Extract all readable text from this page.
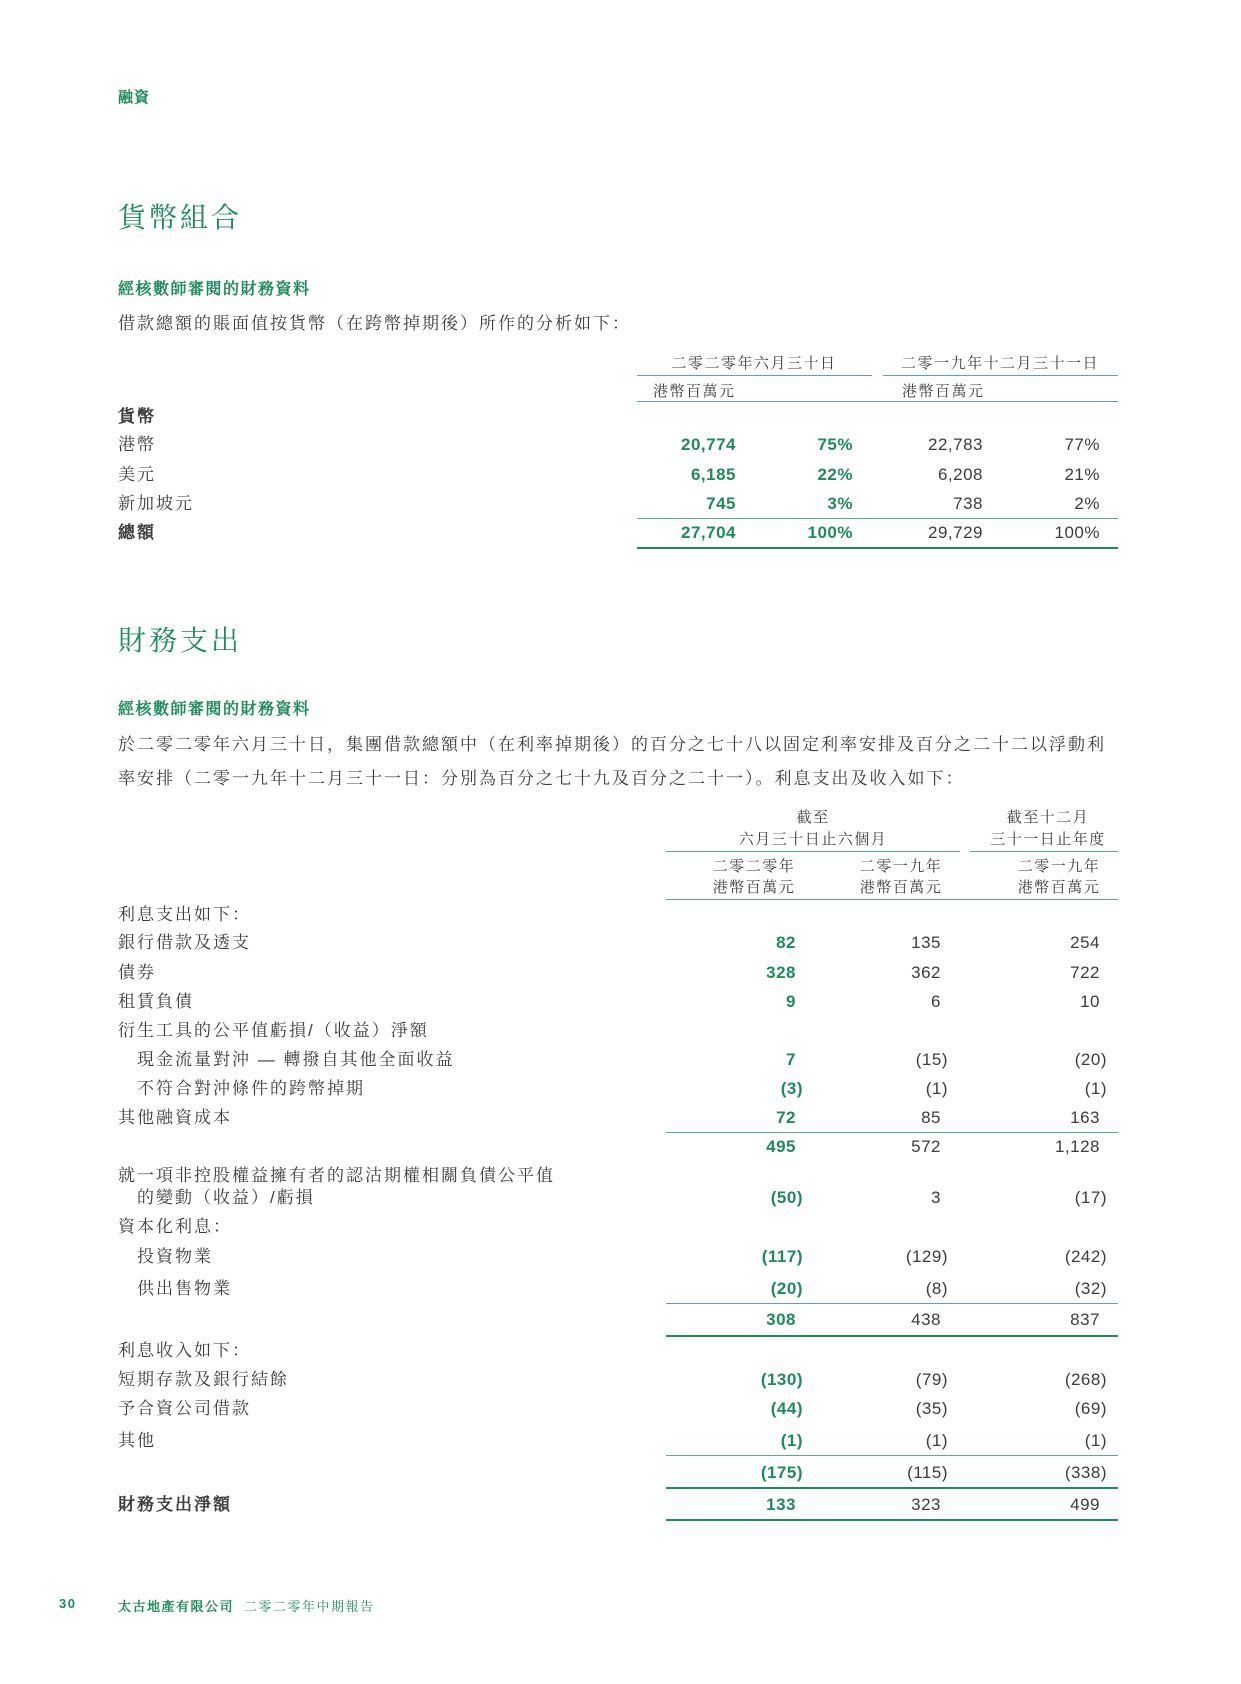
融資
貨幣組合
經核數師審閱的財務資料
借款總額的賬面值按貨幣（在跨幣掉期後）所作的分析如下：
二零二零年六月三十日	二零一九年十二月三十一日
港幣百萬元	港幣百萬元
貨幣
港幣	20,774	75%	22,783	77%
美元	6,185	22%	6,208	21%
新加坡元	745	3%	738	2%
總額	27,704	100%	29,729	100%
財務支出
經核數師審閱的財務資料
於二零二零年六月三十日，集團借款總額中（在利率掉期後）的百分之七十八以固定利率安排及百分之二十二以浮動利
率安排（二零一九年十二月三十一日：分別為百分之七十九及百分之二十一）。利息支出及收入如下：
截至
六月三十日止六個月
截至十二月
三十一日止年度
二零二零年	二零一九年	二零一九年
港幣百萬元	港幣百萬元	港幣百萬元
利息支出如下：
銀行借款及透支	82	135	254
債券	328	362	722
租賃負債	9	6	10
衍生工具的公平值虧損/（收益）淨額
現金流量對沖 — 轉撥自其他全面收益	7	(15)	(20)
不符合對沖條件的跨幣掉期	(3)	(1)	(1)
其他融資成本	72	85	163
495	572	1,128
就一項非控股權益擁有者的認沽期權相關負債公平值
的變動（收益）/虧損	(50)	3	(17)
資本化利息：
投資物業	(117)	(129)	(242)
供出售物業	(20)	(8)	(32)
308	438	837
利息收入如下：
短期存款及銀行結餘	(130)	(79)	(268)
予合資公司借款	(44)	(35)	(69)
其他	(1)	(1)	(1)
(175)	(115)	(338)
財務支出淨額	133	323	499
30	太古地產有限公司 二零二零年中期報告
